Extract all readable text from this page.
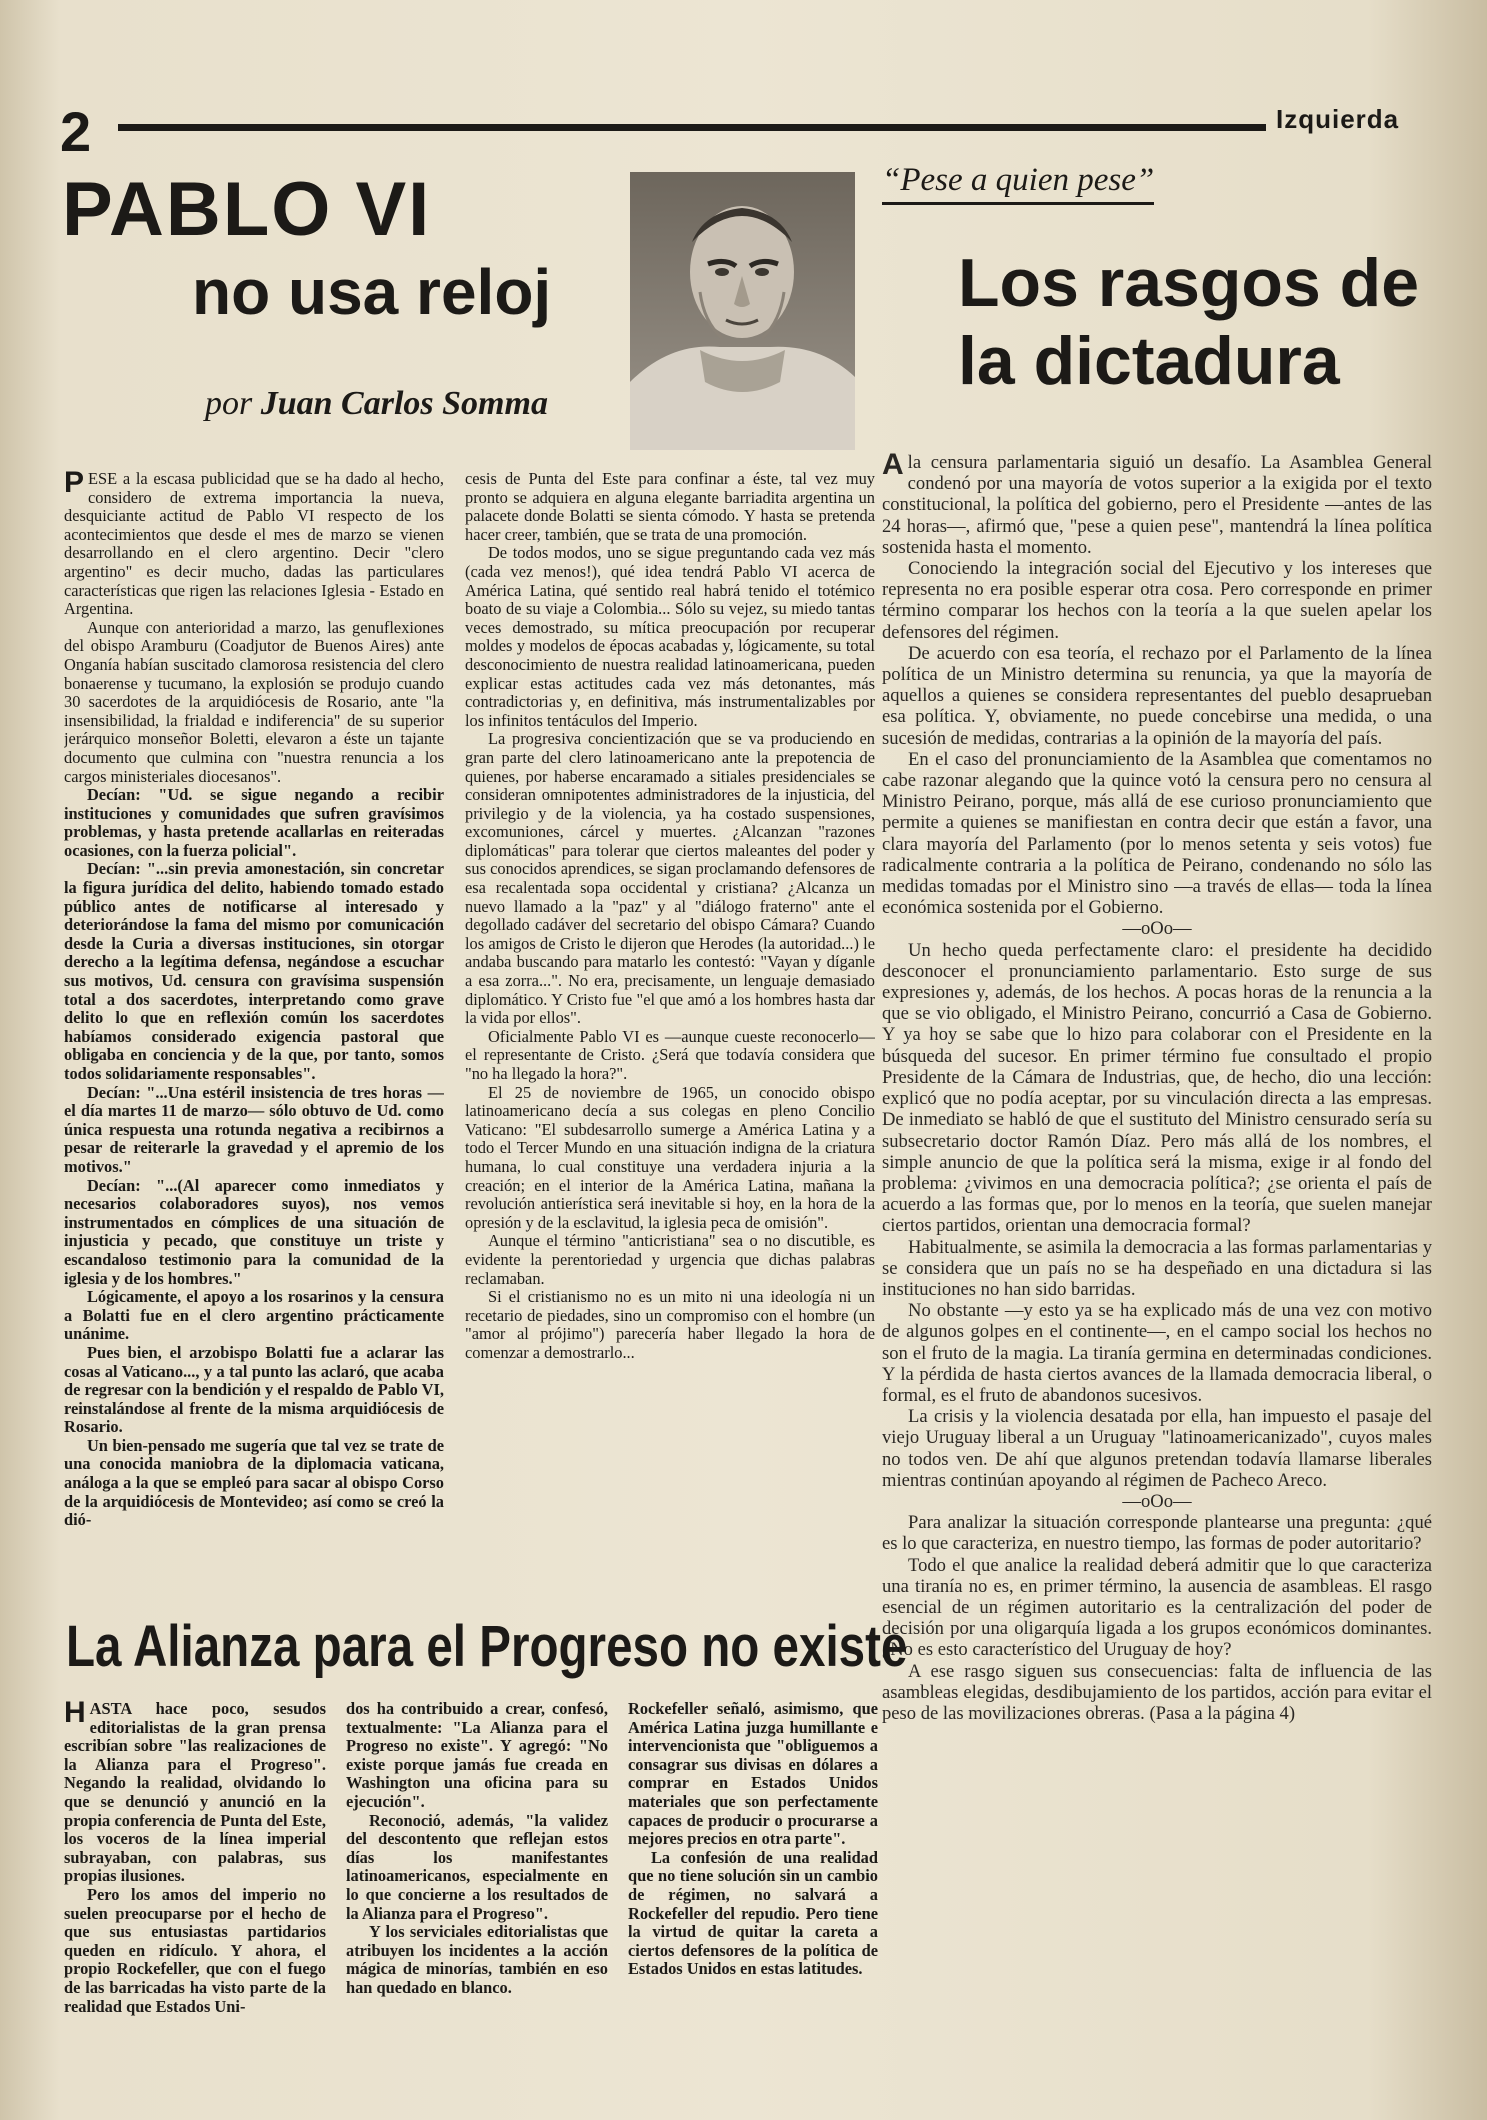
2	Izquierda
PABLO VI
no usa reloj
por Juan Carlos Somma

PESE a la escasa publicidad que se ha dado al hecho, considero de extrema importancia la nueva, desquiciante actitud de Pablo VI respecto de los acontecimientos que desde el mes de marzo se vienen desarrollando en el clero argentino. Decir "clero argentino" es decir mucho, dadas las particulares características que rigen las relaciones Iglesia - Estado en Argentina.

Aunque con anterioridad a marzo, las genuflexiones del obispo Aramburu (Coadjutor de Buenos Aires) ante Onganía habían suscitado clamorosa resistencia del clero bonaerense y tucumano, la explosión se produjo cuando 30 sacerdotes de la arquidiócesis de Rosario, ante "la insensibilidad, la frialdad e indiferencia" de su superior jerárquico monseñor Boletti, elevaron a éste un tajante documento que culmina con "nuestra renuncia a los cargos ministeriales diocesanos".

Decían: "Ud. se sigue negando a recibir instituciones y comunidades que sufren gravísimos problemas, y hasta pretende acallarlas en reiteradas ocasiones, con la fuerza policial".

Decían: "...sin previa amonestación, sin concretar la figura jurídica del delito, habiendo tomado estado público antes de notificarse al interesado y deteriorándose la fama del mismo por comunicación desde la Curia a diversas instituciones, sin otorgar derecho a la legítima defensa, negándose a escuchar sus motivos, Ud. censura con gravísima suspensión total a dos sacerdotes, interpretando como grave delito lo que en reflexión común los sacerdotes habíamos considerado exigencia pastoral que obligaba en conciencia y de la que, por tanto, somos todos solidariamente responsables".

Decían: "...Una estéril insistencia de tres horas —el día martes 11 de marzo— sólo obtuvo de Ud. como única respuesta una rotunda negativa a recibirnos a pesar de reiterarle la gravedad y el apremio de los motivos."

Decían: "...(Al aparecer como inmediatos y necesarios colaboradores suyos), nos vemos instrumentados en cómplices de una situación de injusticia y pecado, que constituye un triste y escandaloso testimonio para la comunidad de la iglesia y de los hombres."

Lógicamente, el apoyo a los rosarinos y la censura a Bolatti fue en el clero argentino prácticamente unánime.

Pues bien, el arzobispo Bolatti fue a aclarar las cosas al Vaticano..., y a tal punto las aclaró, que acaba de regresar con la bendición y el respaldo de Pablo VI, reinstalándose al frente de la misma arquidiócesis de Rosario.

Un bien-pensado me sugería que tal vez se trate de una conocida maniobra de la diplomacia vaticana, análoga a la que se empleó para sacar al obispo Corso de la arquidiócesis de Montevideo; así como se creó la dió-

cesis de Punta del Este para confinar a éste, tal vez muy pronto se adquiera en alguna elegante barriadita argentina un palacete donde Bolatti se sienta cómodo. Y hasta se pretenda hacer creer, también, que se trata de una promoción.

De todos modos, uno se sigue preguntando cada vez más (cada vez menos!), qué idea tendrá Pablo VI acerca de América Latina, qué sentido real habrá tenido el totémico boato de su viaje a Colombia... Sólo su vejez, su miedo tantas veces demostrado, su mítica preocupación por recuperar moldes y modelos de épocas acabadas y, lógicamente, su total desconocimiento de nuestra realidad latinoamericana, pueden explicar estas actitudes cada vez más detonantes, más contradictorias y, en definitiva, más instrumentalizables por los infinitos tentáculos del Imperio.

La progresiva concientización que se va produciendo en gran parte del clero latinoamericano ante la prepotencia de quienes, por haberse encaramado a sitiales presidenciales se consideran omnipotentes administradores de la injusticia, del privilegio y de la violencia, ya ha costado suspensiones, excomuniones, cárcel y muertes. ¿Alcanzan "razones diplomáticas" para tolerar que ciertos maleantes del poder y sus conocidos aprendices, se sigan proclamando defensores de esa recalentada sopa occidental y cristiana? ¿Alcanza un nuevo llamado a la "paz" y al "diálogo fraterno" ante el degollado cadáver del secretario del obispo Cámara? Cuando los amigos de Cristo le dijeron que Herodes (la autoridad...) le andaba buscando para matarlo les contestó: "Vayan y díganle a esa zorra...". No era, precisamente, un lenguaje demasiado diplomático. Y Cristo fue "el que amó a los hombres hasta dar la vida por ellos".

Oficialmente Pablo VI es —aunque cueste reconocerlo— el representante de Cristo. ¿Será que todavía considera que "no ha llegado la hora?".

El 25 de noviembre de 1965, un conocido obispo latinoamericano decía a sus colegas en pleno Concilio Vaticano: "El subdesarrollo sumerge a América Latina y a todo el Tercer Mundo en una situación indigna de la criatura humana, lo cual constituye una verdadera injuria a la creación; en el interior de la América Latina, mañana la revolución antierística será inevitable si hoy, en la hora de la opresión y de la esclavitud, la iglesia peca de omisión".

Aunque el término "anticristiana" sea o no discutible, es evidente la perentoriedad y urgencia que dichas palabras reclamaban.

Si el cristianismo no es un mito ni una ideología ni un recetario de piedades, sino un compromiso con el hombre (un "amor al prójimo") parecería haber llegado la hora de comenzar a demostrarlo...

“Pese a quien pese”
Los rasgos de
la dictadura

Ala censura parlamentaria siguió un desafío. La Asamblea General condenó por una mayoría de votos superior a la exigida por el texto constitucional, la política del gobierno, pero el Presidente —antes de las 24 horas—, afirmó que, "pese a quien pese", mantendrá la línea política sostenida hasta el momento.

Conociendo la integración social del Ejecutivo y los intereses que representa no era posible esperar otra cosa. Pero corresponde en primer término comparar los hechos con la teoría a la que suelen apelar los defensores del régimen.

De acuerdo con esa teoría, el rechazo por el Parlamento de la línea política de un Ministro determina su renuncia, ya que la mayoría de aquellos a quienes se considera representantes del pueblo desaprueban esa política. Y, obviamente, no puede concebirse una medida, o una sucesión de medidas, contrarias a la opinión de la mayoría del país.

En el caso del pronunciamiento de la Asamblea que comentamos no cabe razonar alegando que la quince votó la censura pero no censura al Ministro Peirano, porque, más allá de ese curioso pronunciamiento que permite a quienes se manifiestan en contra decir que están a favor, una clara mayoría del Parlamento (por lo menos setenta y seis votos) fue radicalmente contraria a la política de Peirano, condenando no sólo las medidas tomadas por el Ministro sino —a través de ellas— toda la línea económica sostenida por el Gobierno.

—oOo—

Un hecho queda perfectamente claro: el presidente ha decidido desconocer el pronunciamiento parlamentario. Esto surge de sus expresiones y, además, de los hechos. A pocas horas de la renuncia a la que se vio obligado, el Ministro Peirano, concurrió a Casa de Gobierno. Y ya hoy se sabe que lo hizo para colaborar con el Presidente en la búsqueda del sucesor. En primer término fue consultado el propio Presidente de la Cámara de Industrias, que, de hecho, dio una lección: explicó que no podía aceptar, por su vinculación directa a las empresas. De inmediato se habló de que el sustituto del Ministro censurado sería su subsecretario doctor Ramón Díaz. Pero más allá de los nombres, el simple anuncio de que la política será la misma, exige ir al fondo del problema: ¿vivimos en una democracia política?; ¿se orienta el país de acuerdo a las formas que, por lo menos en la teoría, que suelen manejar ciertos partidos, orientan una democracia formal?

Habitualmente, se asimila la democracia a las formas parlamentarias y se considera que un país no se ha despeñado en una dictadura si las instituciones no han sido barridas.

No obstante —y esto ya se ha explicado más de una vez con motivo de algunos golpes en el continente—, en el campo social los hechos no son el fruto de la magia. La tiranía germina en determinadas condiciones. Y la pérdida de hasta ciertos avances de la llamada democracia liberal, o formal, es el fruto de abandonos sucesivos.

La crisis y la violencia desatada por ella, han impuesto el pasaje del viejo Uruguay liberal a un Uruguay "latinoamericanizado", cuyos males no todos ven. De ahí que algunos pretendan todavía llamarse liberales mientras continúan apoyando al régimen de Pacheco Areco.

—oOo—

Para analizar la situación corresponde plantearse una pregunta: ¿qué es lo que caracteriza, en nuestro tiempo, las formas de poder autoritario?

Todo el que analice la realidad deberá admitir que lo que caracteriza una tiranía no es, en primer término, la ausencia de asambleas. El rasgo esencial de un régimen autoritario es la centralización del poder de decisión por una oligarquía ligada a los grupos económicos dominantes. ¿No es esto característico del Uruguay de hoy?

A ese rasgo siguen sus consecuencias: falta de influencia de las asambleas elegidas, desdibujamiento de los partidos, acción para evitar el peso de las movilizaciones obreras. (Pasa a la página 4)

La Alianza para el Progreso no existe

HASTA hace poco, sesudos editorialistas de la gran prensa escribían sobre "las realizaciones de la Alianza para el Progreso". Negando la realidad, olvidando lo que se denunció y anunció en la propia conferencia de Punta del Este, los voceros de la línea imperial subrayaban, con palabras, sus propias ilusiones.

Pero los amos del imperio no suelen preocuparse por el hecho de que sus entusiastas partidarios queden en ridículo. Y ahora, el propio Rockefeller, que con el fuego de las barricadas ha visto parte de la realidad que Estados Uni-

dos ha contribuido a crear, confesó, textualmente: "La Alianza para el Progreso no existe". Y agregó: "No existe porque jamás fue creada en Washington una oficina para su ejecución".

Reconoció, además, "la validez del descontento que reflejan estos días los manifestantes latinoamericanos, especialmente en lo que concierne a los resultados de la Alianza para el Progreso".

Y los serviciales editorialistas que atribuyen los incidentes a la acción mágica de minorías, también en eso han quedado en blanco.

Rockefeller señaló, asimismo, que América Latina juzga humillante e intervencionista que "obliguemos a consagrar sus divisas en dólares a comprar en Estados Unidos materiales que son perfectamente capaces de producir o procurarse a mejores precios en otra parte".

La confesión de una realidad que no tiene solución sin un cambio de régimen, no salvará a Rockefeller del repudio. Pero tiene la virtud de quitar la careta a ciertos defensores de la política de Estados Unidos en estas latitudes.
